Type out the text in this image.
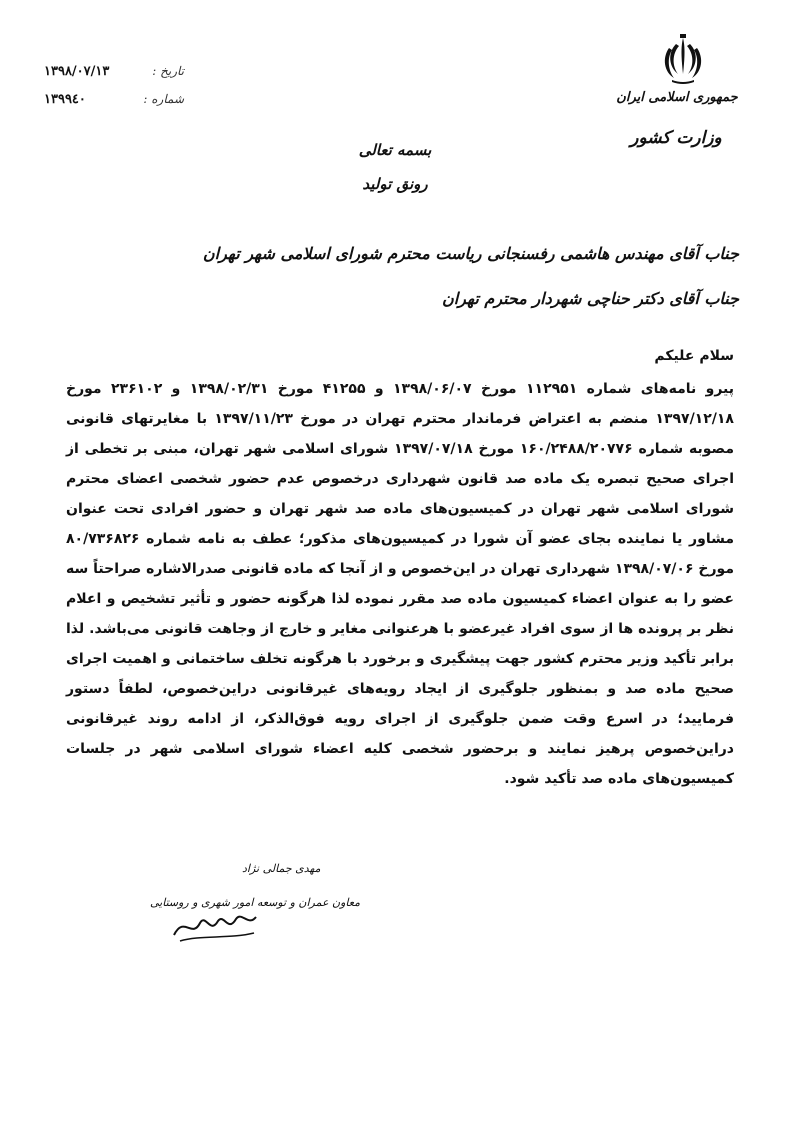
جمهوری اسلامی ایران
وزارت کشور
تاریخ :
۱۳۹۸/۰۷/۱۳
شماره :
۱۳۹۹٤۰
بسمه تعالی
رونق تولید
جناب آقای مهندس هاشمی رفسنجانی ریاست محترم شورای اسلامی شهر تهران
جناب آقای دکتر حناچی شهردار محترم تهران
سلام علیکم

پیرو نامه‌های شماره ۱۱۲۹۵۱ مورخ ۱۳۹۸/۰۶/۰۷ و ۴۱۲۵۵ مورخ ۱۳۹۸/۰۲/۳۱ و ۲۳۶۱۰۲ مورخ ۱۳۹۷/۱۲/۱۸ منضم به اعتراض فرماندار محترم تهران در مورخ ۱۳۹۷/۱۱/۲۳ با مغایرتهای قانونی مصوبه شماره ۱۶۰/۲۴۸۸/۲۰۷۷۶ مورخ ۱۳۹۷/۰۷/۱۸ شورای اسلامی شهر تهران، مبنی بر تخطی از اجرای صحیح تبصره یک ماده صد قانون شهرداری درخصوص عدم حضور شخصی اعضای محترم شورای اسلامی شهر تهران در کمیسیون‌های ماده صد شهر تهران و حضور افرادی تحت عنوان مشاور یا نماینده بجای عضو آن شورا در کمیسیون‌های مذکور؛ عطف به نامه شماره ۸۰/۷۳۶۸۲۶ مورخ ۱۳۹۸/۰۷/۰۶ شهرداری تهران در این‌خصوص و از آنجا که ماده قانونی صدرالاشاره صراحتاً سه عضو را به عنوان اعضاء کمیسیون ماده صد مقرر نموده لذا هرگونه حضور و تأثیر تشخیص و اعلام نظر بر پرونده ها از سوی افراد غیرعضو با هرعنوانی مغایر و خارج از وجاهت قانونی می‌باشد. لذا برابر تأکید وزیر محترم کشور جهت پیشگیری و برخورد با هرگونه تخلف ساختمانی و اهمیت اجرای صحیح ماده صد و بمنظور جلوگیری از ایجاد رویه‌های غیرقانونی دراین‌خصوص، لطفاً دستور فرمایید؛ در اسرع وقت ضمن جلوگیری از اجرای رویه فوق‌الذکر، از ادامه روند غیرقانونی دراین‌خصوص پرهیز نمایند و برحضور شخصی کلیه اعضاء شورای اسلامی شهر در جلسات کمیسیون‌های ماده صد تأکید شود.

مهدی جمالی نژاد
معاون عمران و توسعه امور شهری و روستایی
